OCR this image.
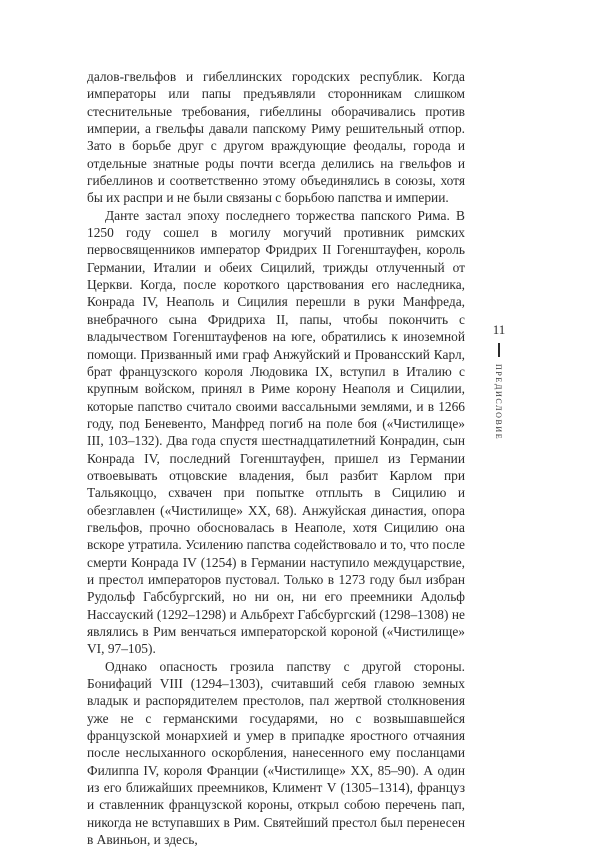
далов-гвельфов и гибеллинских городских республик. Когда императоры или папы предъявляли сторонникам слишком стеснительные требования, гибеллины оборачивались против империи, а гвельфы давали папскому Риму решительный отпор. Зато в борьбе друг с другом враждующие феодалы, города и отдельные знатные роды почти всегда делились на гвельфов и гибеллинов и соответственно этому объединялись в союзы, хотя бы их распри и не были связаны с борьбою папства и империи.

Данте застал эпоху последнего торжества папского Рима. В 1250 году сошел в могилу могучий противник римских первосвященников император Фридрих II Гогенштауфен, король Германии, Италии и обеих Сицилий, трижды отлученный от Церкви. Когда, после короткого царствования его наследника, Конрада IV, Неаполь и Сицилия перешли в руки Манфреда, внебрачного сына Фридриха II, папы, чтобы покончить с владычеством Гогенштауфенов на юге, обратились к иноземной помощи. Призванный ими граф Анжуйский и Провансский Карл, брат французского короля Людовика IX, вступил в Италию с крупным войском, принял в Риме корону Неаполя и Сицилии, которые папство считало своими вассальными землями, и в 1266 году, под Беневенто, Манфред погиб на поле боя («Чистилище» III, 103–132). Два года спустя шестнадцатилетний Конрадин, сын Конрада IV, последний Гогенштауфен, пришел из Германии отвоевывать отцовские владения, был разбит Карлом при Тальякоццо, схвачен при попытке отплыть в Сицилию и обезглавлен («Чистилище» XX, 68). Анжуйская династия, опора гвельфов, прочно обосновалась в Неаполе, хотя Сицилию она вскоре утратила. Усилению папства содействовало и то, что после смерти Конрада IV (1254) в Германии наступило междуцарствие, и престол императоров пустовал. Только в 1273 году был избран Рудольф Габсбургский, но ни он, ни его преемники Адольф Нассауский (1292–1298) и Альбрехт Габсбургский (1298–1308) не являлись в Рим венчаться императорской короной («Чистилище» VI, 97–105).

Однако опасность грозила папству с другой стороны. Бонифаций VIII (1294–1303), считавший себя главою земных владык и распорядителем престолов, пал жертвой столкновения уже не с германскими государями, но с возвышавшейся французской монархией и умер в припадке яростного отчаяния после неслыханного оскорбления, нанесенного ему посланцами Филиппа IV, короля Франции («Чистилище» XX, 85–90). А один из его ближайших преемников, Климент V (1305–1314), француз и ставленник французской короны, открыл собою перечень пап, никогда не вступавших в Рим. Святейший престол был перенесен в Авиньон, и здесь,

11
предисловие
